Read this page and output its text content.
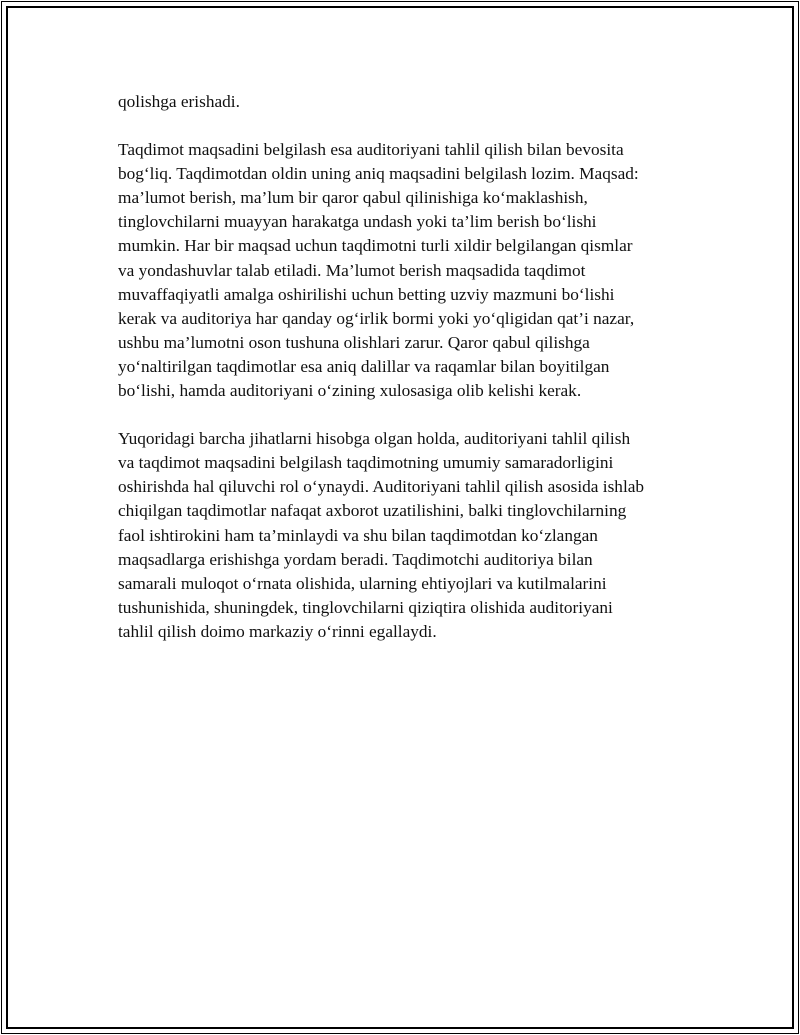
qolishga erishadi.

Taqdimot maqsadini belgilash esa auditoriyani tahlil qilish bilan bevosita
bog‘liq. Taqdimotdan oldin uning aniq maqsadini belgilash lozim. Maqsad:
ma’lumot berish, ma’lum bir qaror qabul qilinishiga ko‘maklashish,
tinglovchilarni muayyan harakatga undash yoki ta’lim berish bo‘lishi
mumkin. Har bir maqsad uchun taqdimotni turli xildir belgilangan qismlar
va yondashuvlar talab etiladi. Ma’lumot berish maqsadida taqdimot
muvaffaqiyatli amalga oshirilishi uchun betting uzviy mazmuni bo‘lishi
kerak va auditoriya har qanday og‘irlik bormi yoki yo‘qligidan qat’i nazar,
ushbu ma’lumotni oson tushuna olishlari zarur. Qaror qabul qilishga
yo‘naltirilgan taqdimotlar esa aniq dalillar va raqamlar bilan boyitilgan
bo‘lishi, hamda auditoriyani o‘zining xulosasiga olib kelishi kerak.

Yuqoridagi barcha jihatlarni hisobga olgan holda, auditoriyani tahlil qilish
va taqdimot maqsadini belgilash taqdimotning umumiy samaradorligini
oshirishda hal qiluvchi rol o‘ynaydi. Auditoriyani tahlil qilish asosida ishlab
chiqilgan taqdimotlar nafaqat axborot uzatilishini, balki tinglovchilarning
faol ishtirokini ham ta’minlaydi va shu bilan taqdimotdan ko‘zlangan
maqsadlarga erishishga yordam beradi. Taqdimotchi auditoriya bilan
samarali muloqot o‘rnata olishida, ularning ehtiyojlari va kutilmalarini
tushunishida, shuningdek, tinglovchilarni qiziqtira olishida auditoriyani
tahlil qilish doimo markaziy o‘rinni egallaydi.
